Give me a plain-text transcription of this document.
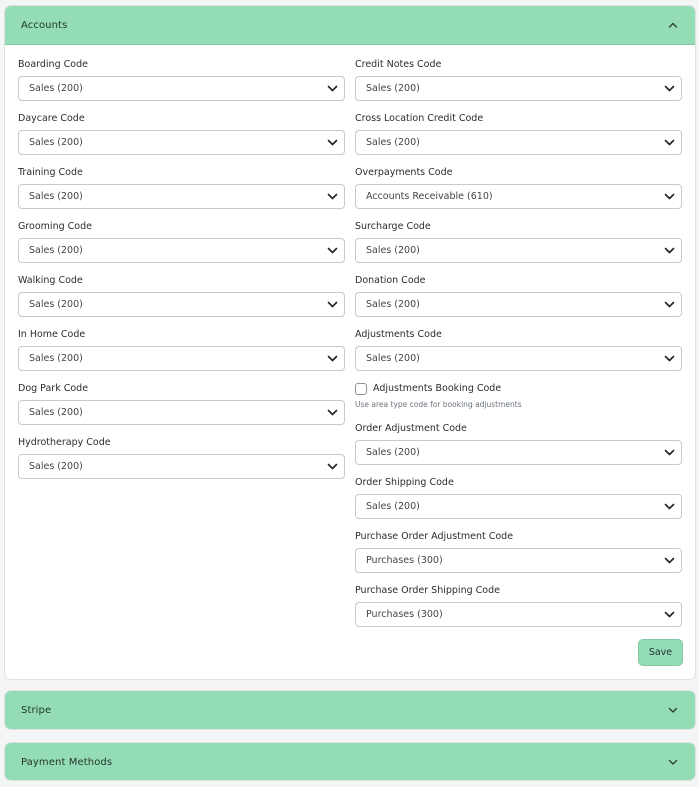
Accounts
Boarding Code
Sales (200)
Daycare Code
Sales (200)
Training Code
Sales (200)
Grooming Code
Sales (200)
Walking Code
Sales (200)
In Home Code
Sales (200)
Dog Park Code
Sales (200)
Hydrotherapy Code
Sales (200)
Credit Notes Code
Sales (200)
Cross Location Credit Code
Sales (200)
Overpayments Code
Accounts Receivable (610)
Surcharge Code
Sales (200)
Donation Code
Sales (200)
Adjustments Code
Sales (200)
Adjustments Booking Code
Use area type code for booking adjustments
Order Adjustment Code
Sales (200)
Order Shipping Code
Sales (200)
Purchase Order Adjustment Code
Purchases (300)
Purchase Order Shipping Code
Purchases (300)
Save
Stripe
Payment Methods
